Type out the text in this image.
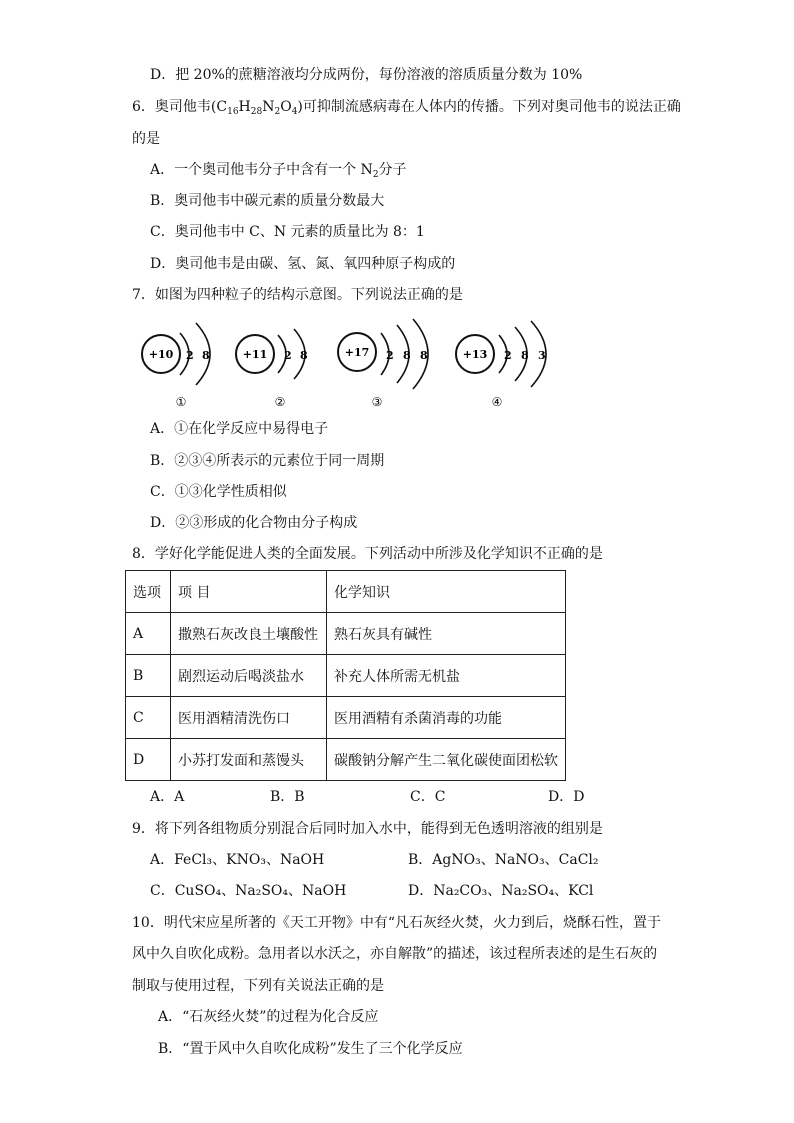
D．把 20%的蔗糖溶液均分成两份，每份溶液的溶质质量分数为 10%
6．奥司他韦$(C_{16}H_{28}N_2O_4)$可抑制流感病毒在人体内的传播。下列对奥司他韦的说法正确
的是
A．一个奥司他韦分子中含有一个 $N_2$分子
B．奥司他韦中碳元素的质量分数最大
C．奥司他韦中 C、N 元素的质量比为 8：1
D．奥司他韦是由碳、氢、氮、氧四种原子构成的
7．如图为四种粒子的结构示意图。下列说法正确的是
+10 2 8
①
+11 2 8
②
+17 2 8 8
③
+13 2 8 3
④
A．①在化学反应中易得电子
B．②③④所表示的元素位于同一周期
C．①③化学性质相似
D．②③形成的化合物由分子构成
8．学好化学能促进人类的全面发展。下列活动中所涉及化学知识不正确的是
选项	项 目	化学知识
A	撒熟石灰改良土壤酸性	熟石灰具有碱性
B	剧烈运动后喝淡盐水	补充人体所需无机盐
C	医用酒精清洗伤口	医用酒精有杀菌消毒的功能
D	小苏打发面和蒸馒头	碳酸钠分解产生二氧化碳使面团松软
A．A	B．B	C．C	D．D
9．将下列各组物质分别混合后同时加入水中，能得到无色透明溶液的组别是
A．FeCl₃、KNO₃、NaOH	B．AgNO₃、NaNO₃、CaCl₂
C．CuSO₄、Na₂SO₄、NaOH	D．Na₂CO₃、Na₂SO₄、KCl
10．明代宋应星所著的《天工开物》中有“凡石灰经火焚，火力到后，烧酥石性，置于
风中久自吹化成粉。急用者以水沃之，亦自解散”的描述，该过程所表述的是生石灰的
制取与使用过程，下列有关说法正确的是
A．“石灰经火焚”的过程为化合反应
B．“置于风中久自吹化成粉”发生了三个化学反应
